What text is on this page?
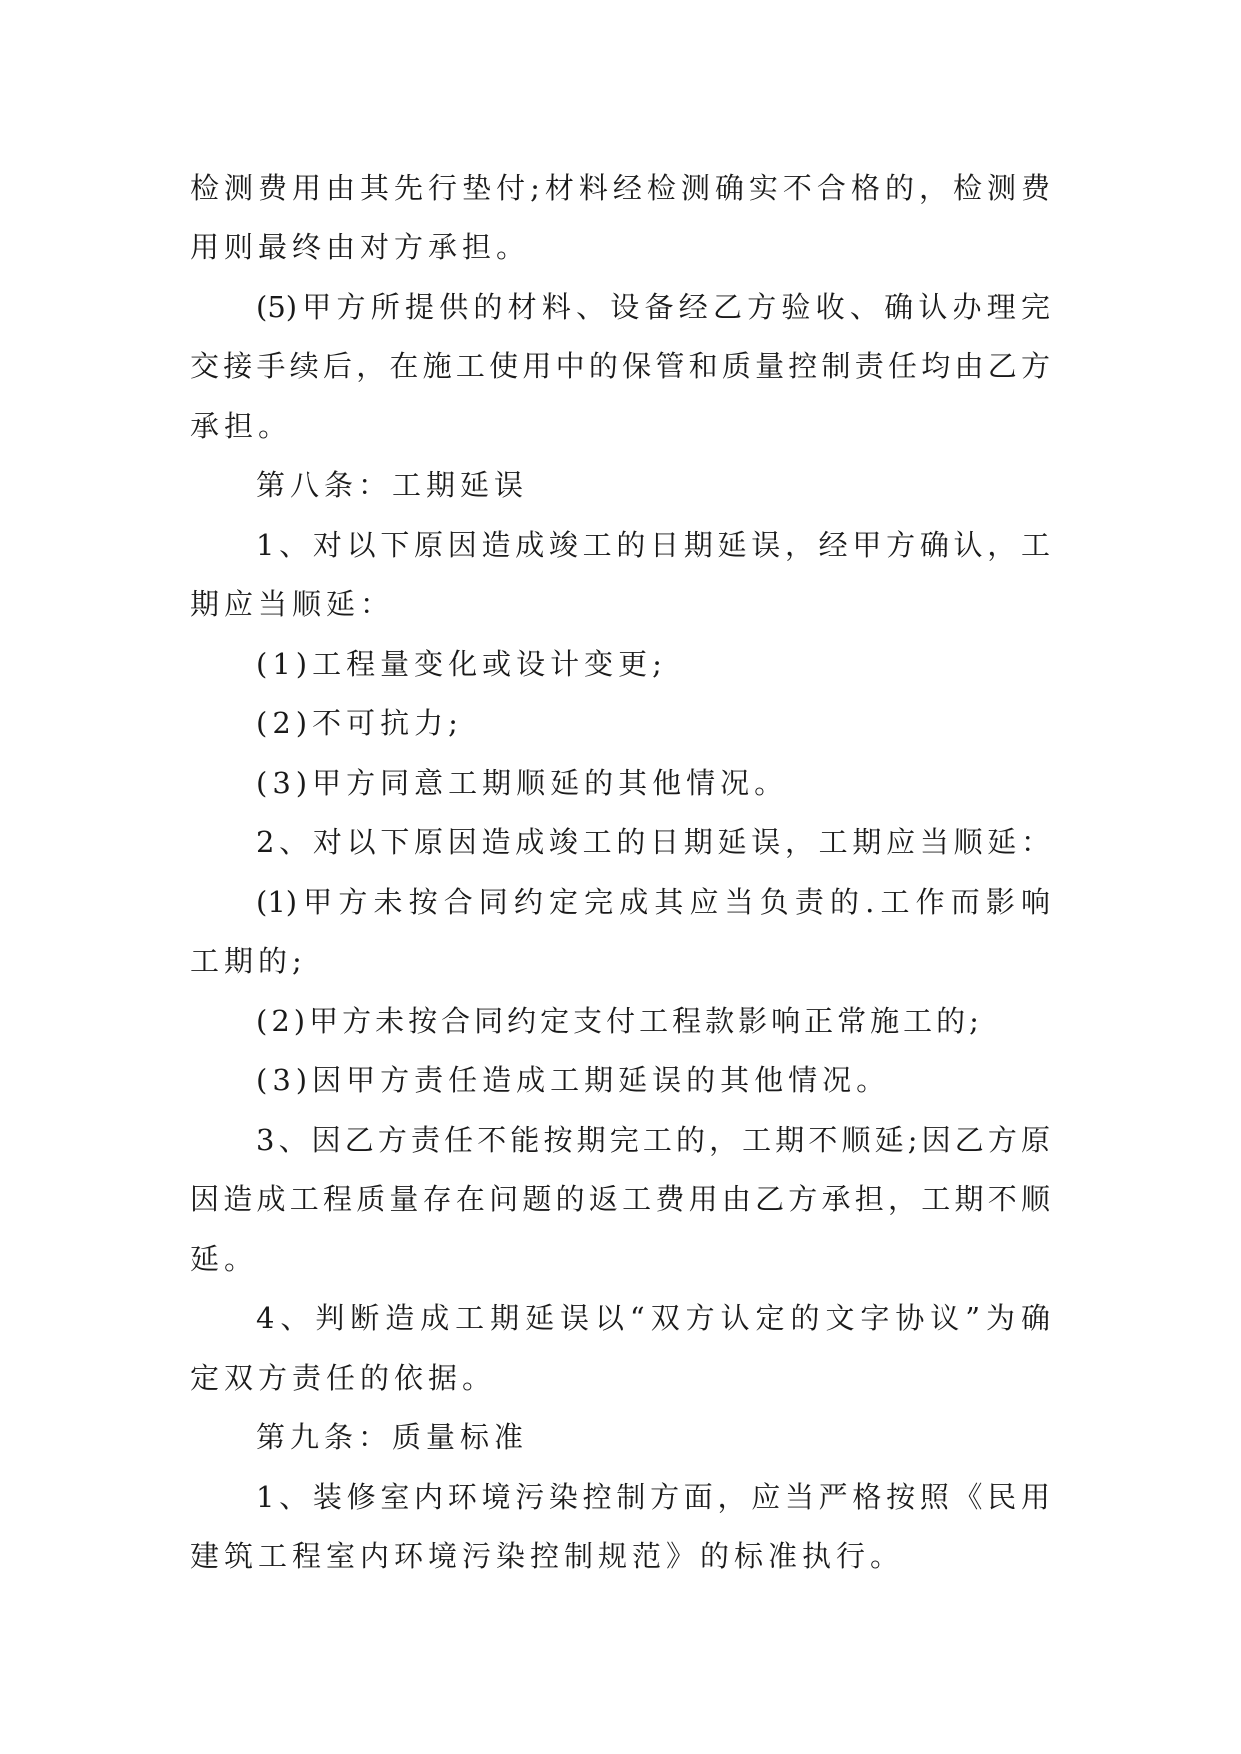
检测费用由其先行垫付;材料经检测确实不合格的，检测费
用则最终由对方承担。
(5)甲方所提供的材料、设备经乙方验收、确认办理完
交接手续后，在施工使用中的保管和质量控制责任均由乙方
承担。
第八条：工期延误
1、对以下原因造成竣工的日期延误，经甲方确认，工
期应当顺延：
(1)工程量变化或设计变更;
(2)不可抗力;
(3)甲方同意工期顺延的其他情况。
2、对以下原因造成竣工的日期延误，工期应当顺延：
(1)甲方未按合同约定完成其应当负责的.工作而影响
工期的;
(2)甲方未按合同约定支付工程款影响正常施工的;
(3)因甲方责任造成工期延误的其他情况。
3、因乙方责任不能按期完工的，工期不顺延;因乙方原
因造成工程质量存在问题的返工费用由乙方承担，工期不顺
延。
4、判断造成工期延误以“双方认定的文字协议”为确
定双方责任的依据。
第九条：质量标准
1、装修室内环境污染控制方面，应当严格按照《民用
建筑工程室内环境污染控制规范》的标准执行。
